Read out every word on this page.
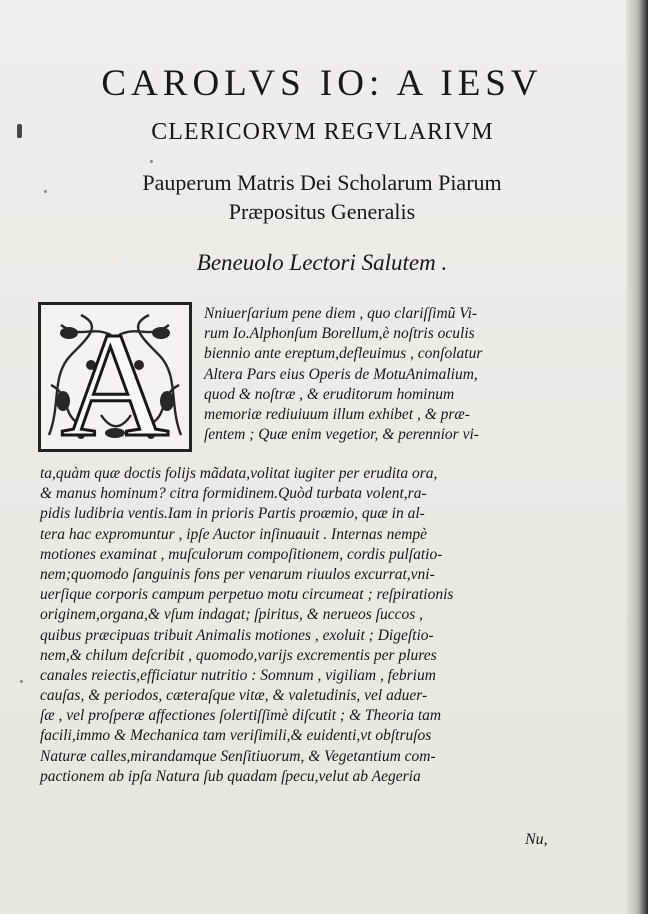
CAROLVS IO: A IESV
CLERICORVM REGVLARIVM
Pauperum Matris Dei Scholarum Piarum
Præpositus Generalis
Beneuolo Lectori Salutem .
A Nniuerſarium pene diem , quo clariſſimũ Vi-
rum Io.Alphonſum Borellum,è noſtris oculis
biennio ante ereptum,defleuimus , conſolatur
Altera Pars eius Operis de MotuAnimalium,
quod & noſtræ , & eruditorum hominum
memoriæ rediuiuum illum exhibet , & præ-
ſentem ; Quæ enim vegetior, & perennior vi-
ta,quàm quæ doctis folijs mãdata,volitat iugiter per erudita ora,
& manus hominum? citra formidinem.Quòd turbata volent,ra-
pidis ludibria ventis.Iam in prioris Partis proæmio, quæ in al-
tera hac expromuntur , ipſe Auctor inſinuauit . Internas nempè
motiones examinat , muſculorum compoſitionem, cordis pulſatio-
nem;quomodo ſanguinis fons per venarum riuulos excurrat,vni-
uerſique corporis campum perpetuo motu circumeat ; reſpirationis
originem,organa,& vſum indagat; ſpiritus, & nerueos ſuccos ,
quibus præcipuas tribuit Animalis motiones , exoluit ; Digeſtio-
nem,& chilum deſcribit , quomodo,varijs excrementis per plures
canales reiectis,efficiatur nutritio : Somnum , vigiliam , febrium
cauſas, & periodos, cæteraſque vitæ, & valetudinis, vel aduer-
ſæ , vel proſperæ affectiones ſolertiſſimè diſcutit ; & Theoria tam
facili,immo & Mechanica tam veriſimili,& euidenti,vt obſtruſos
Naturæ calles,mirandamque Senſitiuorum, & Vegetantium com-
pactionem ab ipſa Natura ſub quadam ſpecu,velut ab Aegeria
Nu,
